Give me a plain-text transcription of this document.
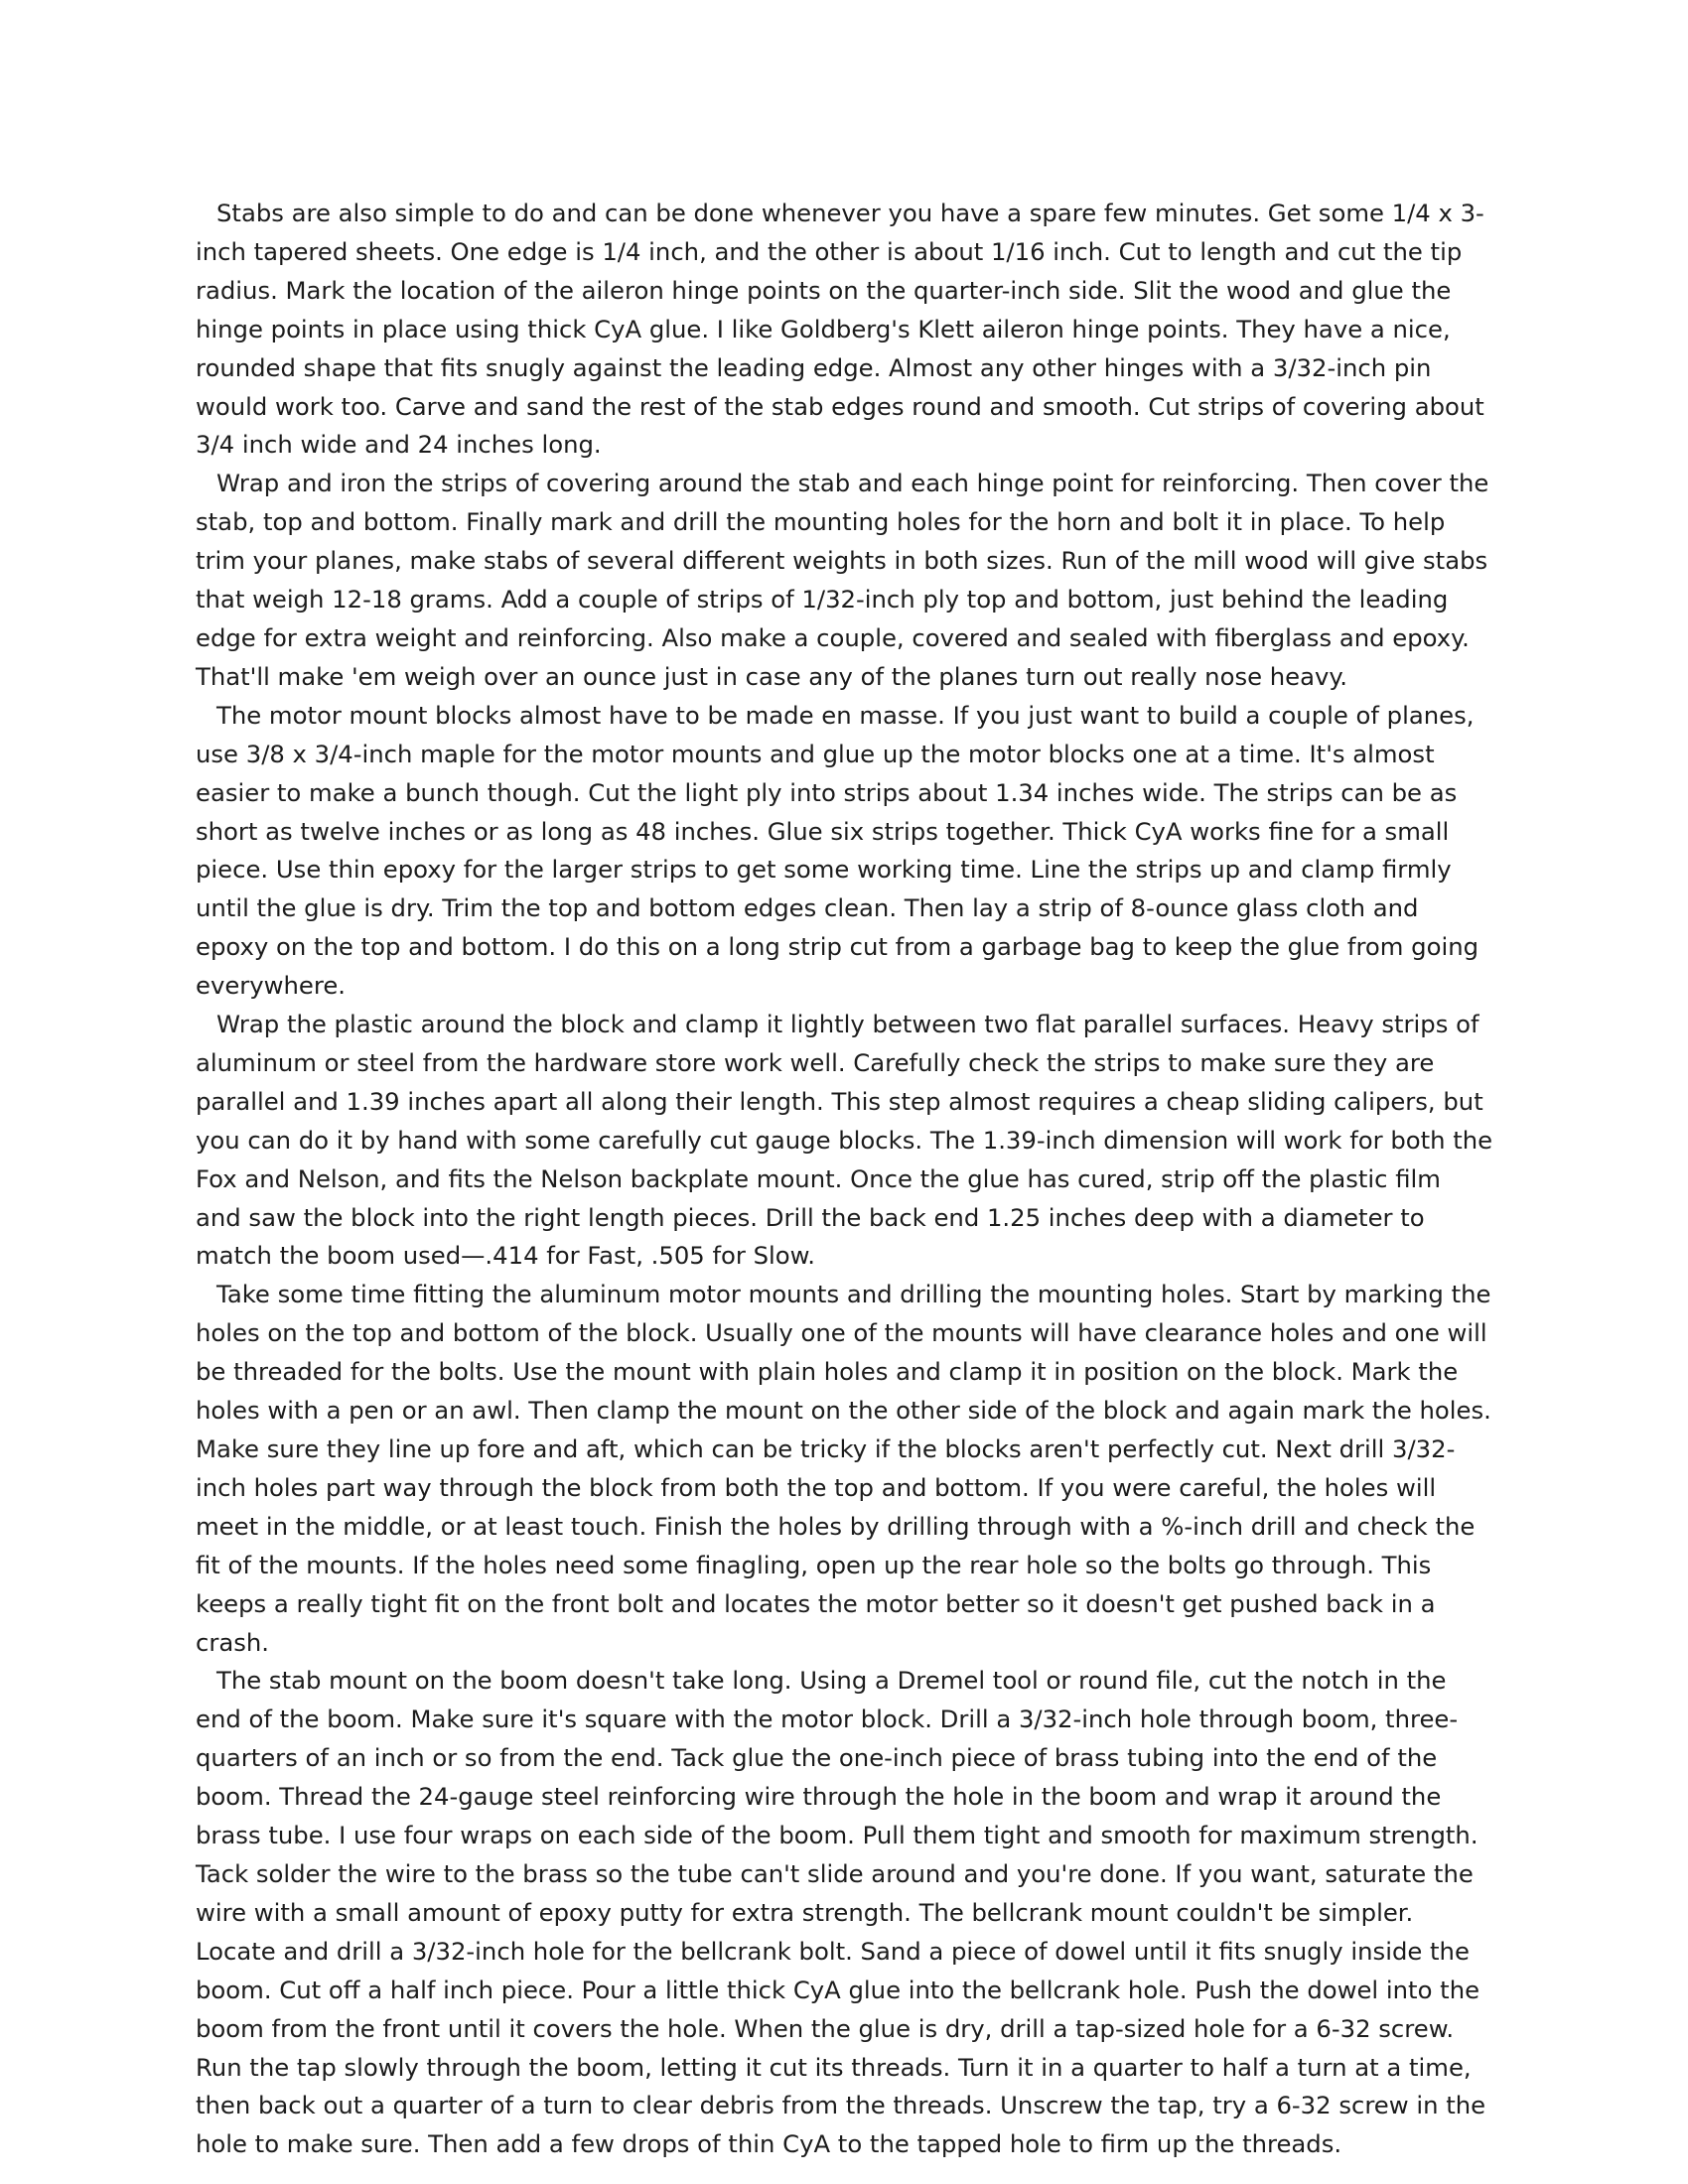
Stabs are also simple to do and can be done whenever you have a spare few minutes. Get some 1/4 x 3-inch tapered sheets. One edge is 1/4 inch, and the other is about 1/16 inch. Cut to length and cut the tip radius. Mark the location of the aileron hinge points on the quarter-inch side. Slit the wood and glue the hinge points in place using thick CyA glue. I like Goldberg's Klett aileron hinge points. They have a nice, rounded shape that fits snugly against the leading edge. Almost any other hinges with a 3/32-inch pin would work too. Carve and sand the rest of the stab edges round and smooth. Cut strips of covering about 3/4 inch wide and 24 inches long.

Wrap and iron the strips of covering around the stab and each hinge point for reinforcing. Then cover the stab, top and bottom. Finally mark and drill the mounting holes for the horn and bolt it in place. To help trim your planes, make stabs of several different weights in both sizes. Run of the mill wood will give stabs that weigh 12-18 grams. Add a couple of strips of 1/32-inch ply top and bottom, just behind the leading edge for extra weight and reinforcing. Also make a couple, covered and sealed with fiberglass and epoxy. That'll make 'em weigh over an ounce just in case any of the planes turn out really nose heavy.

The motor mount blocks almost have to be made en masse. If you just want to build a couple of planes, use 3/8 x 3/4-inch maple for the motor mounts and glue up the motor blocks one at a time. It's almost easier to make a bunch though. Cut the light ply into strips about 1.34 inches wide. The strips can be as short as twelve inches or as long as 48 inches. Glue six strips together. Thick CyA works fine for a small piece. Use thin epoxy for the larger strips to get some working time. Line the strips up and clamp firmly until the glue is dry. Trim the top and bottom edges clean. Then lay a strip of 8-ounce glass cloth and epoxy on the top and bottom. I do this on a long strip cut from a garbage bag to keep the glue from going everywhere.

Wrap the plastic around the block and clamp it lightly between two flat parallel surfaces. Heavy strips of aluminum or steel from the hardware store work well. Carefully check the strips to make sure they are parallel and 1.39 inches apart all along their length. This step almost requires a cheap sliding calipers, but you can do it by hand with some carefully cut gauge blocks. The 1.39-inch dimension will work for both the Fox and Nelson, and fits the Nelson backplate mount. Once the glue has cured, strip off the plastic film and saw the block into the right length pieces. Drill the back end 1.25 inches deep with a diameter to match the boom used—.414 for Fast, .505 for Slow.

Take some time fitting the aluminum motor mounts and drilling the mounting holes. Start by marking the holes on the top and bottom of the block. Usually one of the mounts will have clearance holes and one will be threaded for the bolts. Use the mount with plain holes and clamp it in position on the block. Mark the holes with a pen or an awl. Then clamp the mount on the other side of the block and again mark the holes. Make sure they line up fore and aft, which can be tricky if the blocks aren't perfectly cut. Next drill 3/32-inch holes part way through the block from both the top and bottom. If you were careful, the holes will meet in the middle, or at least touch. Finish the holes by drilling through with a %-inch drill and check the fit of the mounts. If the holes need some finagling, open up the rear hole so the bolts go through. This keeps a really tight fit on the front bolt and locates the motor better so it doesn't get pushed back in a crash.

The stab mount on the boom doesn't take long. Using a Dremel tool or round file, cut the notch in the end of the boom. Make sure it's square with the motor block. Drill a 3/32-inch hole through boom, three-quarters of an inch or so from the end. Tack glue the one-inch piece of brass tubing into the end of the boom. Thread the 24-gauge steel reinforcing wire through the hole in the boom and wrap it around the brass tube. I use four wraps on each side of the boom. Pull them tight and smooth for maximum strength. Tack solder the wire to the brass so the tube can't slide around and you're done. If you want, saturate the wire with a small amount of epoxy putty for extra strength. The bellcrank mount couldn't be simpler. Locate and drill a 3/32-inch hole for the bellcrank bolt. Sand a piece of dowel until it fits snugly inside the boom. Cut off a half inch piece. Pour a little thick CyA glue into the bellcrank hole. Push the dowel into the boom from the front until it covers the hole. When the glue is dry, drill a tap-sized hole for a 6-32 screw. Run the tap slowly through the boom, letting it cut its threads. Turn it in a quarter to half a turn at a time, then back out a quarter of a turn to clear debris from the threads. Unscrew the tap, try a 6-32 screw in the hole to make sure. Then add a few drops of thin CyA to the tapped hole to firm up the threads.
